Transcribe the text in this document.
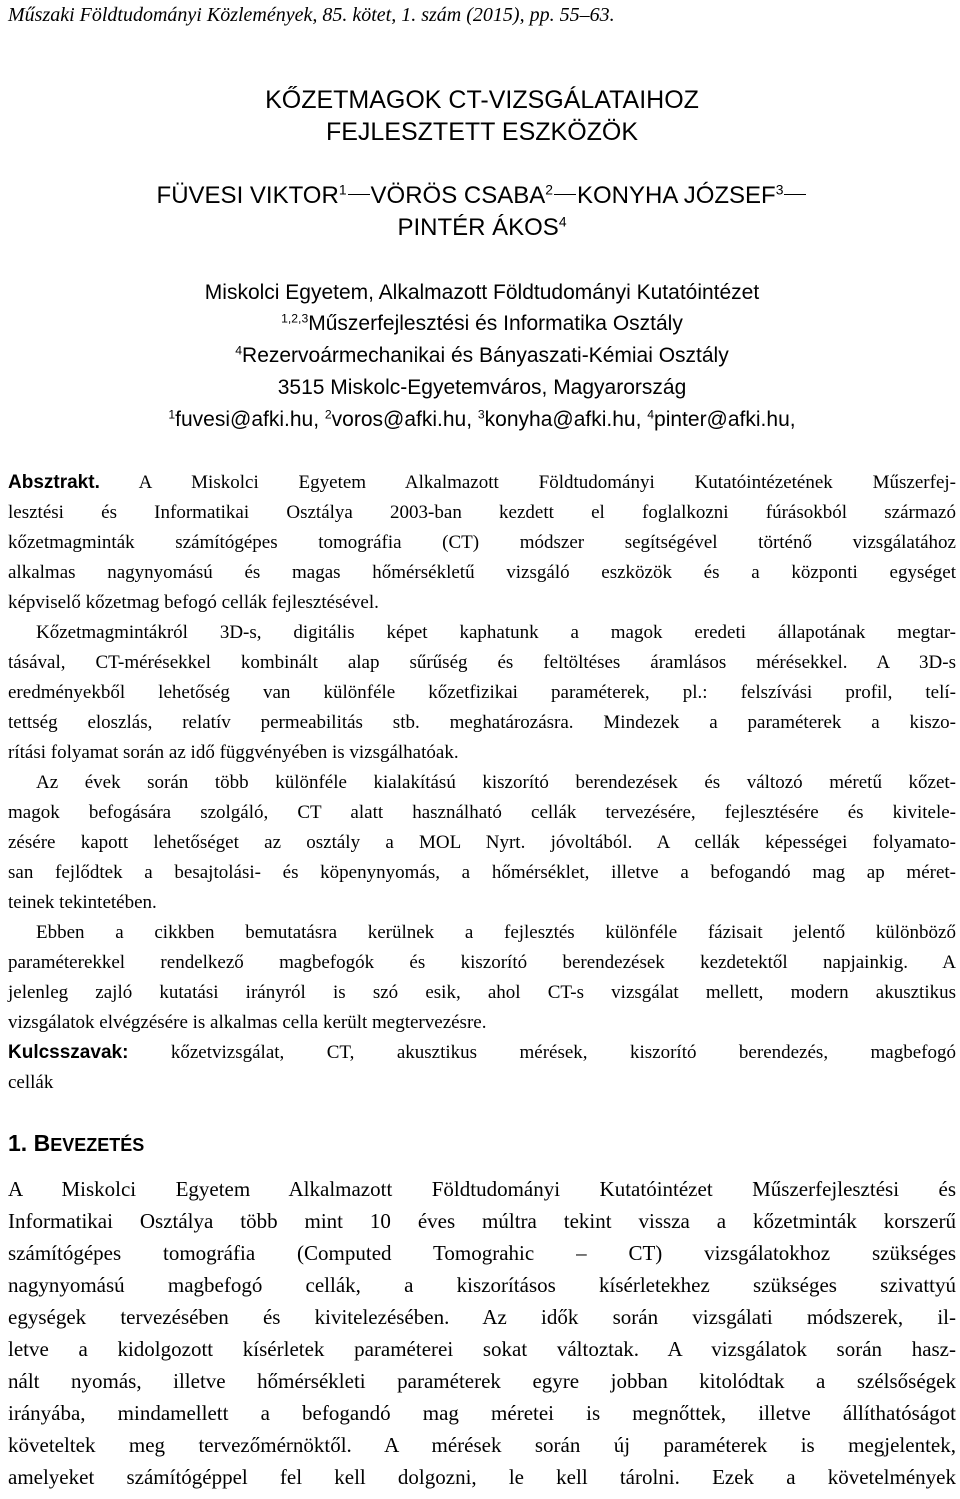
Műszaki Földtudományi Közlemények, 85. kötet, 1. szám (2015), pp. 55–63.
KŐZETMAGOK CT-VIZSGÁLATAIHOZ
FEJLESZTETT ESZKÖZÖK
FÜVESI VIKTOR$^1$ VÖRÖS CSABA$^2$ KONYHA JÓZSEF$^3$
PINTÉR ÁKOS$^4$
Miskolci Egyetem, Alkalmazott Földtudományi Kutatóintézet
$^{1,2,3}$Műszerfejlesztési és Informatika Osztály
$^4$Rezervoármechanikai és Bányaszati-Kémiai Osztály
3515 Miskolc-Egyetemváros, Magyarország
$^1$fuvesi@afki.hu, $^2$voros@afki.hu, $^3$konyha@afki.hu, $^4$pinter@afki.hu,
Absztrakt. A Miskolci Egyetem Alkalmazott Földtudományi Kutatóintézetének Műszerfej-
lesztési és Informatikai Osztálya 2003-ban kezdett el foglalkozni fúrásokból származó
kőzetmagminták számítógépes tomográfia (CT) módszer segítségével történő vizsgálatához
alkalmas nagynyomású és magas hőmérsékletű vizsgáló eszközök és a központi egységet
képviselő kőzetmag befogó cellák fejlesztésével.
Kőzetmagmintákról 3D-s, digitális képet kaphatunk a magok eredeti állapotának megtar-
tásával, CT-mérésekkel kombinált alap sűrűség és feltöltéses áramlásos mérésekkel. A 3D-s
eredményekből lehetőség van különféle kőzetfizikai paraméterek, pl.: felszívási profil, telí-
tettség eloszlás, relatív permeabilitás stb. meghatározásra. Mindezek a paraméterek a kiszo-
rítási folyamat során az idő függvényében is vizsgálhatóak.
Az évek során több különféle kialakítású kiszorító berendezések és változó méretű kőzet-
magok befogására szolgáló, CT alatt használható cellák tervezésére, fejlesztésére és kivitele-
zésére kapott lehetőséget az osztály a MOL Nyrt. jóvoltából. A cellák képességei folyamato-
san fejlődtek a besajtolási- és köpenynyomás, a hőmérséklet, illetve a befogandó mag ap méret-
teinek tekintetében.
Ebben a cikkben bemutatásra kerülnek a fejlesztés különféle fázisait jelentő különböző
paraméterekkel rendelkező magbefogók és kiszorító berendezések kezdetektől napjainkig. A
jelenleg zajló kutatási irányról is szó esik, ahol CT-s vizsgálat mellett, modern akusztikus
vizsgálatok elvégzésére is alkalmas cella került megtervezésre.
Kulcsszavak: kőzetvizsgálat, CT, akusztikus mérések, kiszorító berendezés, magbefogó
cellák
1. BEVEZETÉS
A Miskolci Egyetem Alkalmazott Földtudományi Kutatóintézet Műszerfejlesztési és
Informatikai Osztálya több mint 10 éves múltra tekint vissza a kőzetminták korszerű
számítógépes tomográfia (Computed Tomograhic – CT) vizsgálatokhoz szükséges
nagynyomású magbefogó cellák, a kiszorításos kísérletekhez szükséges szivattyú
egységek tervezésében és kivitelezésében. Az idők során vizsgálati módszerek, il-
letve a kidolgozott kísérletek paraméterei sokat változtak. A vizsgálatok során hasz-
nált nyomás, illetve hőmérsékleti paraméterek egyre jobban kitolódtak a szélsőségek
irányába, mindamellett a befogandó mag méretei is megnőttek, illetve állíthatóságot
követeltek meg tervezőmérnöktől. A mérések során új paraméterek is megjelentek,
amelyeket számítógéppel fel kell dolgozni, le kell tárolni. Ezek a követelmények
